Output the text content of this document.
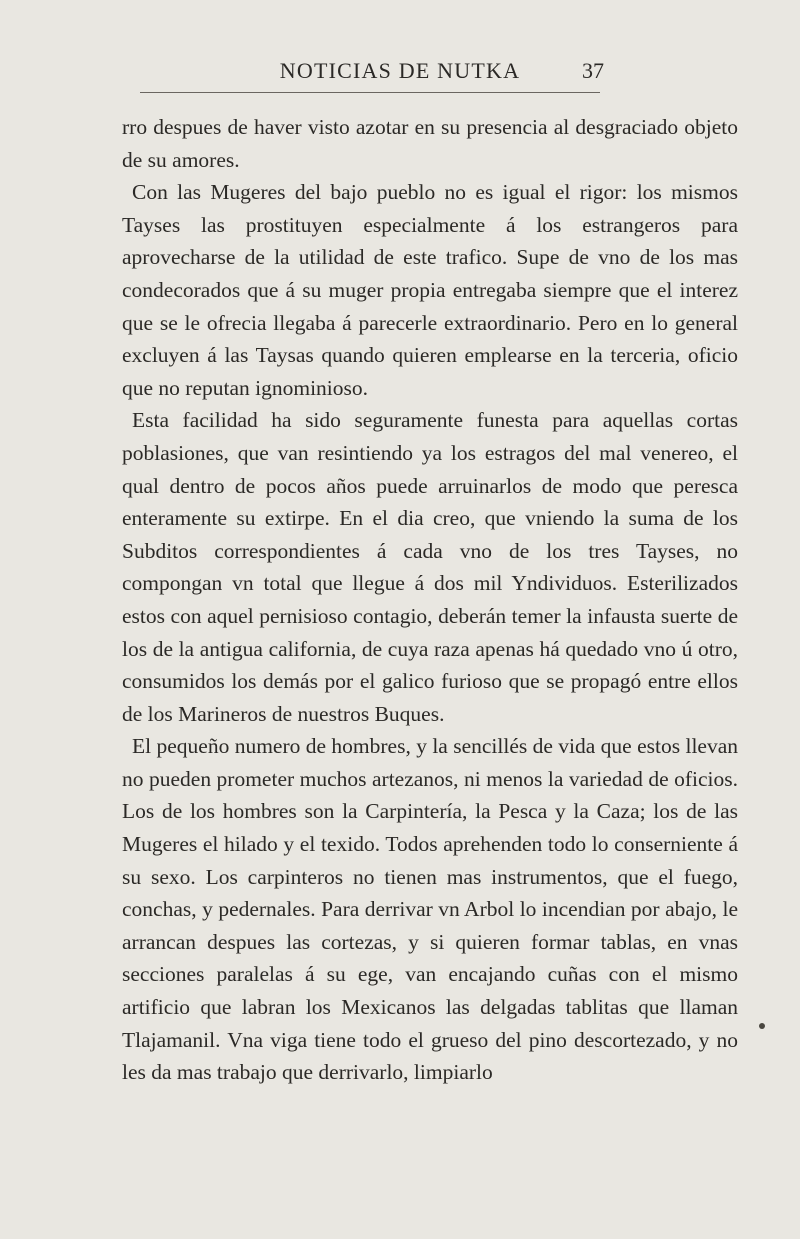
NOTICIAS DE NUTKA	37

rro despues de haver visto azotar en su presencia al desgraciado objeto de su amores.

Con las Mugeres del bajo pueblo no es igual el rigor: los mismos Tayses las prostituyen especialmente á los estrangeros para aprovecharse de la utilidad de este trafico. Supe de vno de los mas condecorados que á su muger propia entregaba siempre que el interez que se le ofrecia llegaba á parecerle extraordinario. Pero en lo general excluyen á las Taysas quando quieren emplearse en la terceria, oficio que no reputan ignominioso.

Esta facilidad ha sido seguramente funesta para aquellas cortas poblasiones, que van resintiendo ya los estragos del mal venereo, el qual dentro de pocos años puede arruinarlos de modo que peresca enteramente su extirpe. En el dia creo, que vniendo la suma de los Subditos correspondientes á cada vno de los tres Tayses, no compongan vn total que llegue á dos mil Yndividuos. Esterilizados estos con aquel pernisioso contagio, deberán temer la infausta suerte de los de la antigua california, de cuya raza apenas há quedado vno ú otro, consumidos los demás por el galico furioso que se propagó entre ellos de los Marineros de nuestros Buques.

El pequeño numero de hombres, y la sencillés de vida que estos llevan no pueden prometer muchos artezanos, ni menos la variedad de oficios. Los de los hombres son la Carpintería, la Pesca y la Caza; los de las Mugeres el hilado y el texido. Todos aprehenden todo lo conserniente á su sexo. Los carpinteros no tienen mas instrumentos, que el fuego, conchas, y pedernales. Para derrivar vn Arbol lo incendian por abajo, le arrancan despues las cortezas, y si quieren formar tablas, en vnas secciones paralelas á su ege, van encajando cuñas con el mismo artificio que labran los Mexicanos las delgadas tablitas que llaman Tlajamanil. Vna viga tiene todo el grueso del pino descortezado, y no les da mas trabajo que derrivarlo, limpiarlo
